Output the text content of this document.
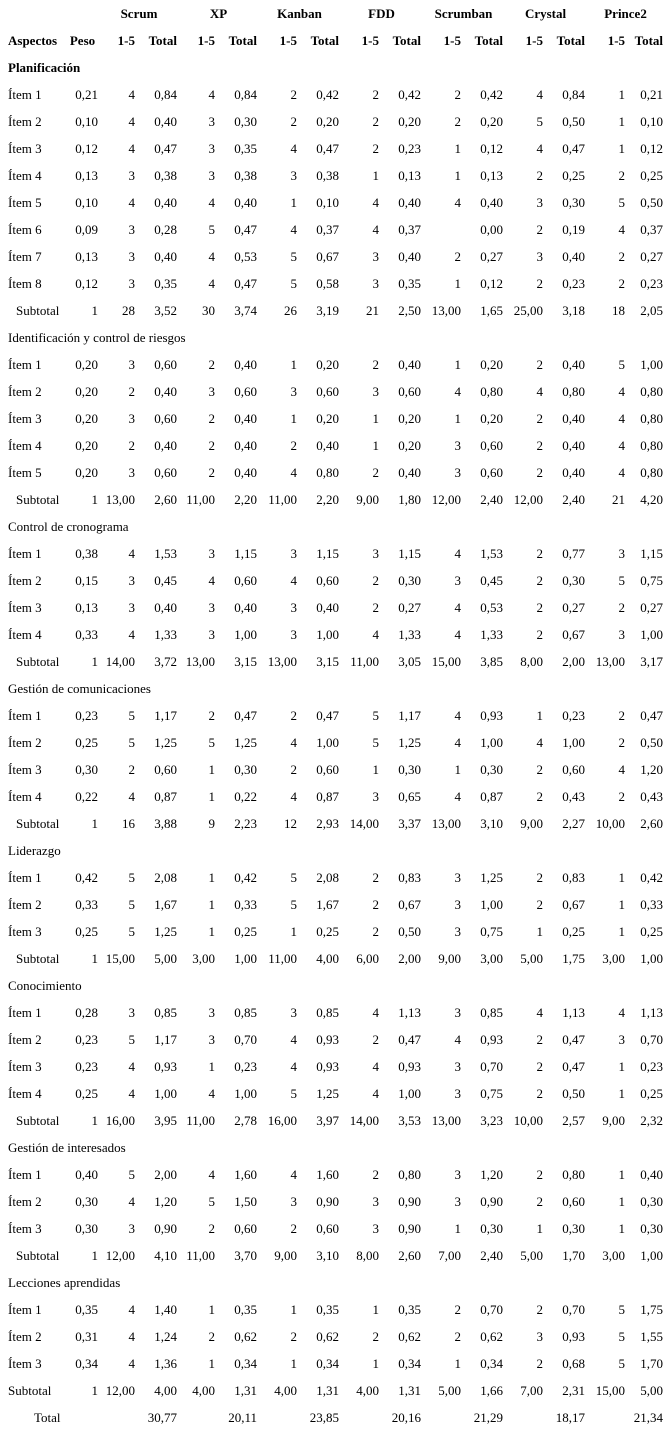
		Scrum		XP		Kanban		FDD		Scrumban		Crystal		Prince2	
Aspectos	Peso	1-5	Total	1-5	Total	1-5	Total	1-5	Total	1-5	Total	1-5	Total	1-5	Total
Planificación															
Ítem 1	0,21	4	0,84	4	0,84	2	0,42	2	0,42	2	0,42	4	0,84	1	0,21
Ítem 2	0,10	4	0,40	3	0,30	2	0,20	2	0,20	2	0,20	5	0,50	1	0,10
Ítem 3	0,12	4	0,47	3	0,35	4	0,47	2	0,23	1	0,12	4	0,47	1	0,12
Ítem 4	0,13	3	0,38	3	0,38	3	0,38	1	0,13	1	0,13	2	0,25	2	0,25
Ítem 5	0,10	4	0,40	4	0,40	1	0,10	4	0,40	4	0,40	3	0,30	5	0,50
Ítem 6	0,09	3	0,28	5	0,47	4	0,37	4	0,37		0,00	2	0,19	4	0,37
Ítem 7	0,13	3	0,40	4	0,53	5	0,67	3	0,40	2	0,27	3	0,40	2	0,27
Ítem 8	0,12	3	0,35	4	0,47	5	0,58	3	0,35	1	0,12	2	0,23	2	0,23
Subtotal	1	28	3,52	30	3,74	26	3,19	21	2,50	13,00	1,65	25,00	3,18	18	2,05
Identificación y control de riesgos															
Ítem 1	0,20	3	0,60	2	0,40	1	0,20	2	0,40	1	0,20	2	0,40	5	1,00
Ítem 2	0,20	2	0,40	3	0,60	3	0,60	3	0,60	4	0,80	4	0,80	4	0,80
Ítem 3	0,20	3	0,60	2	0,40	1	0,20	1	0,20	1	0,20	2	0,40	4	0,80
Ítem 4	0,20	2	0,40	2	0,40	2	0,40	1	0,20	3	0,60	2	0,40	4	0,80
Ítem 5	0,20	3	0,60	2	0,40	4	0,80	2	0,40	3	0,60	2	0,40	4	0,80
Subtotal	1	13,00	2,60	11,00	2,20	11,00	2,20	9,00	1,80	12,00	2,40	12,00	2,40	21	4,20
Control de cronograma															
Ítem 1	0,38	4	1,53	3	1,15	3	1,15	3	1,15	4	1,53	2	0,77	3	1,15
Ítem 2	0,15	3	0,45	4	0,60	4	0,60	2	0,30	3	0,45	2	0,30	5	0,75
Ítem 3	0,13	3	0,40	3	0,40	3	0,40	2	0,27	4	0,53	2	0,27	2	0,27
Ítem 4	0,33	4	1,33	3	1,00	3	1,00	4	1,33	4	1,33	2	0,67	3	1,00
Subtotal	1	14,00	3,72	13,00	3,15	13,00	3,15	11,00	3,05	15,00	3,85	8,00	2,00	13,00	3,17
Gestión de comunicaciones															
Ítem 1	0,23	5	1,17	2	0,47	2	0,47	5	1,17	4	0,93	1	0,23	2	0,47
Ítem 2	0,25	5	1,25	5	1,25	4	1,00	5	1,25	4	1,00	4	1,00	2	0,50
Ítem 3	0,30	2	0,60	1	0,30	2	0,60	1	0,30	1	0,30	2	0,60	4	1,20
Ítem 4	0,22	4	0,87	1	0,22	4	0,87	3	0,65	4	0,87	2	0,43	2	0,43
Subtotal	1	16	3,88	9	2,23	12	2,93	14,00	3,37	13,00	3,10	9,00	2,27	10,00	2,60
Liderazgo															
Ítem 1	0,42	5	2,08	1	0,42	5	2,08	2	0,83	3	1,25	2	0,83	1	0,42
Ítem 2	0,33	5	1,67	1	0,33	5	1,67	2	0,67	3	1,00	2	0,67	1	0,33
Ítem 3	0,25	5	1,25	1	0,25	1	0,25	2	0,50	3	0,75	1	0,25	1	0,25
Subtotal	1	15,00	5,00	3,00	1,00	11,00	4,00	6,00	2,00	9,00	3,00	5,00	1,75	3,00	1,00
Conocimiento															
Ítem 1	0,28	3	0,85	3	0,85	3	0,85	4	1,13	3	0,85	4	1,13	4	1,13
Ítem 2	0,23	5	1,17	3	0,70	4	0,93	2	0,47	4	0,93	2	0,47	3	0,70
Ítem 3	0,23	4	0,93	1	0,23	4	0,93	4	0,93	3	0,70	2	0,47	1	0,23
Ítem 4	0,25	4	1,00	4	1,00	5	1,25	4	1,00	3	0,75	2	0,50	1	0,25
Subtotal	1	16,00	3,95	11,00	2,78	16,00	3,97	14,00	3,53	13,00	3,23	10,00	2,57	9,00	2,32
Gestión de interesados															
Ítem 1	0,40	5	2,00	4	1,60	4	1,60	2	0,80	3	1,20	2	0,80	1	0,40
Ítem 2	0,30	4	1,20	5	1,50	3	0,90	3	0,90	3	0,90	2	0,60	1	0,30
Ítem 3	0,30	3	0,90	2	0,60	2	0,60	3	0,90	1	0,30	1	0,30	1	0,30
Subtotal	1	12,00	4,10	11,00	3,70	9,00	3,10	8,00	2,60	7,00	2,40	5,00	1,70	3,00	1,00
Lecciones aprendidas															
Ítem 1	0,35	4	1,40	1	0,35	1	0,35	1	0,35	2	0,70	2	0,70	5	1,75
Ítem 2	0,31	4	1,24	2	0,62	2	0,62	2	0,62	2	0,62	3	0,93	5	1,55
Ítem 3	0,34	4	1,36	1	0,34	1	0,34	1	0,34	1	0,34	2	0,68	5	1,70
Subtotal	1	12,00	4,00	4,00	1,31	4,00	1,31	4,00	1,31	5,00	1,66	7,00	2,31	15,00	5,00
Total			30,77		20,11		23,85		20,16		21,29		18,17		21,34
